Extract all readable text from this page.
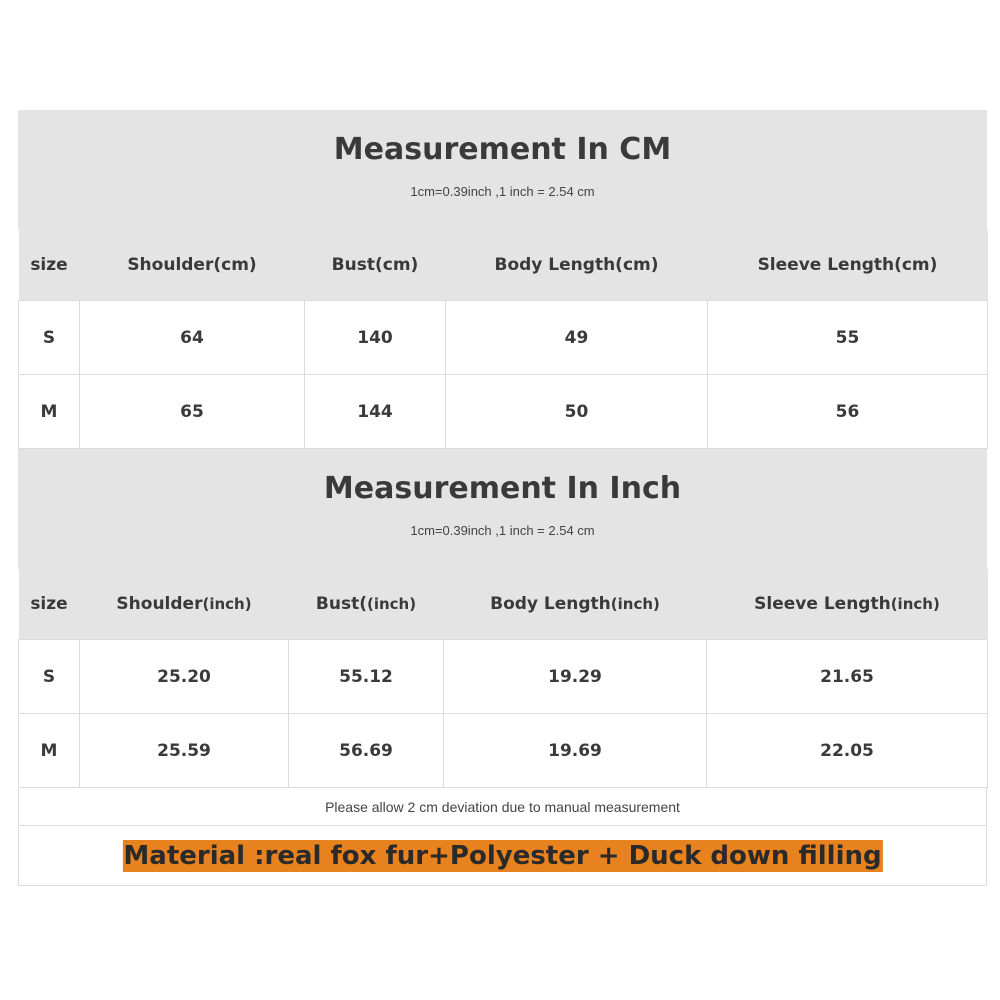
Measurement In CM
1cm=0.39inch ,1 inch = 2.54 cm
size	Shoulder(cm)	Bust(cm)	Body Length(cm)	Sleeve Length(cm)
S	64	140	49	55
M	65	144	50	56
Measurement In Inch
1cm=0.39inch ,1 inch = 2.54 cm
size	Shoulder(inch)	Bust((inch)	Body Length(inch)	Sleeve Length(inch)
S	25.20	55.12	19.29	21.65
M	25.59	56.69	19.69	22.05
Please allow 2 cm deviation due to manual measurement
Material :real fox fur+Polyester + Duck down filling
